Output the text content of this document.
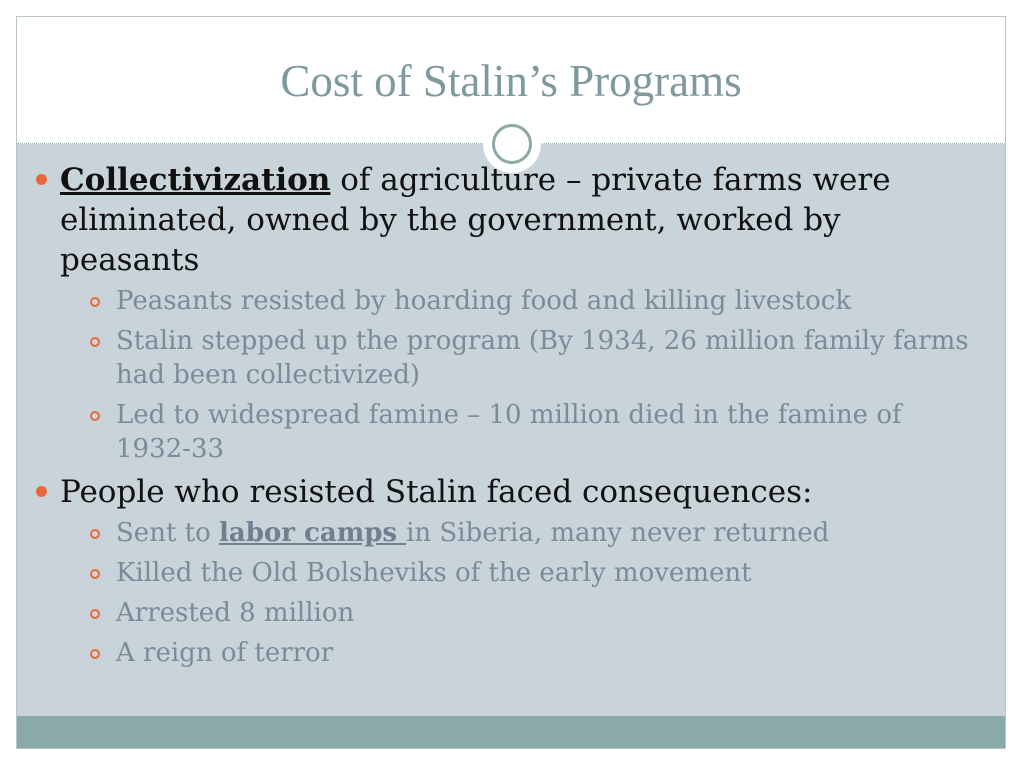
Cost of Stalin’s Programs
Collectivization of agriculture – private farms were eliminated, owned by the government, worked by peasants
Peasants resisted by hoarding food and killing livestock
Stalin stepped up the program (By 1934, 26 million family farms had been collectivized)
Led to widespread famine – 10 million died in the famine of 1932-33
People who resisted Stalin faced consequences:
Sent to labor camps in Siberia, many never returned
Killed the Old Bolsheviks of the early movement
Arrested 8 million
A reign of terror
